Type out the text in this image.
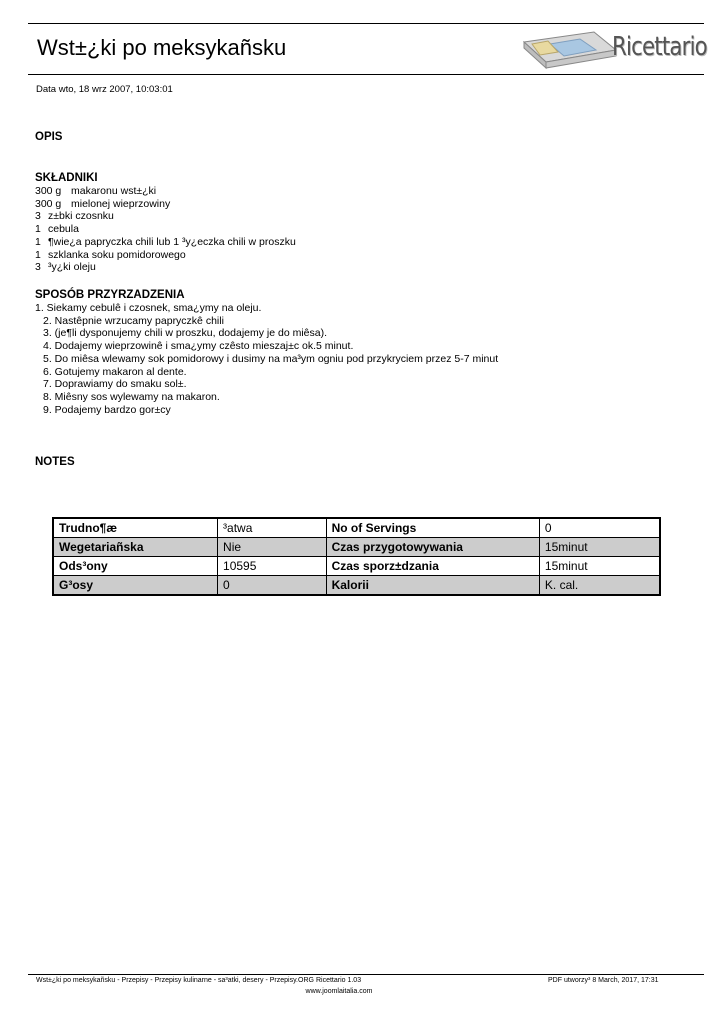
Wst±¿ki po meksykañsku	Ricettario
Data wto, 18 wrz 2007, 10:03:01
OPIS
SKŁADNIKI
300 g makaronu wst±¿ki
300 g mielonej wieprzowiny
3 z±bki czosnku
1 cebula
1 ¶wie¿a papryczka chili lub 1 ³y¿eczka chili w proszku
1 szklanka soku pomidorowego
3 ³y¿ki oleju
SPOSÓB PRZYRZADZENIA
1. Siekamy cebulê i czosnek, sma¿ymy na oleju.
2. Nastêpnie wrzucamy papryczkê chili
3. (je¶li dysponujemy chili w proszku, dodajemy je do miêsa).
4. Dodajemy wieprzowinê i sma¿ymy czêsto mieszaj±c ok.5 minut.
5. Do miêsa wlewamy sok pomidorowy i dusimy na ma³ym ogniu pod przykryciem przez 5-7 minut
6. Gotujemy makaron al dente.
7. Doprawiamy do smaku sol±.
8. Miêsny sos wylewamy na makaron.
9. Podajemy bardzo gor±cy
NOTES
Trudno¶æ	³atwa	No of Servings	0
Wegetariañska	Nie	Czas przygotowywania	15minut
Ods³ony	10595	Czas sporz±dzania	15minut
G³osy	0	Kalorii	K. cal.
Wst±¿ki po meksykañsku - Przepisy - Przepisy kulinarne - sa³atki, desery - Przepisy.ORG Ricettario 1.03	PDF utworzy³ 8 March, 2017, 17:31
www.joomlaitalia.com
